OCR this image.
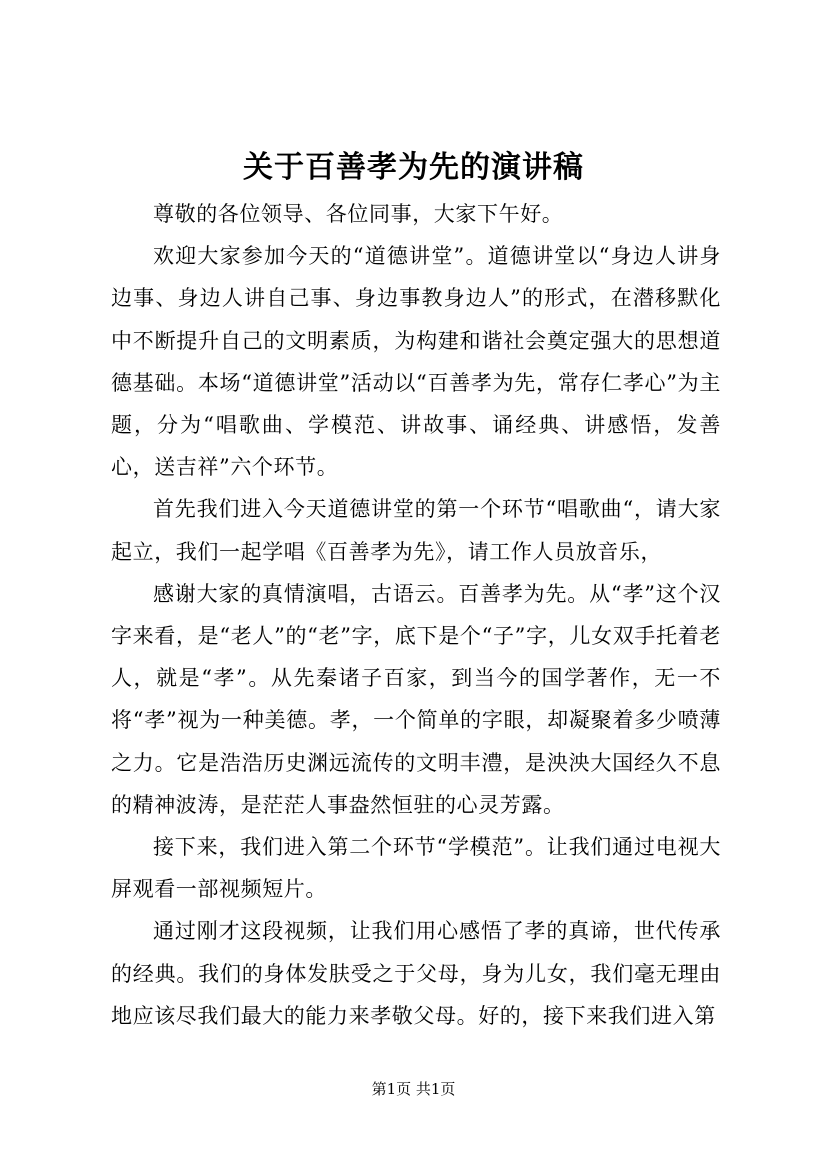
关于百善孝为先的演讲稿

尊敬的各位领导、各位同事，大家下午好。

欢迎大家参加今天的“道德讲堂”。道德讲堂以“身边人讲身边事、身边人讲自己事、身边事教身边人”的形式，在潜移默化中不断提升自己的文明素质，为构建和谐社会奠定强大的思想道德基础。本场“道德讲堂”活动以“百善孝为先，常存仁孝心”为主题，分为“唱歌曲、学模范、讲故事、诵经典、讲感悟，发善心，送吉祥”六个环节。

首先我们进入今天道德讲堂的第一个环节“唱歌曲“，请大家起立，我们一起学唱《百善孝为先》，请工作人员放音乐，

感谢大家的真情演唱，古语云。百善孝为先。从“孝”这个汉字来看，是“老人”的“老”字，底下是个“子”字，儿女双手托着老人，就是“孝”。从先秦诸子百家，到当今的国学著作，无一不将“孝”视为一种美德。孝，一个简单的字眼，却凝聚着多少喷薄之力。它是浩浩历史渊远流传的文明丰澧，是泱泱大国经久不息的精神波涛，是茫茫人事盎然恒驻的心灵芳露。

接下来，我们进入第二个环节“学模范”。让我们通过电视大屏观看一部视频短片。

通过刚才这段视频，让我们用心感悟了孝的真谛，世代传承的经典。我们的身体发肤受之于父母，身为儿女，我们毫无理由地应该尽我们最大的能力来孝敬父母。好的，接下来我们进入第

第1页 共1页
